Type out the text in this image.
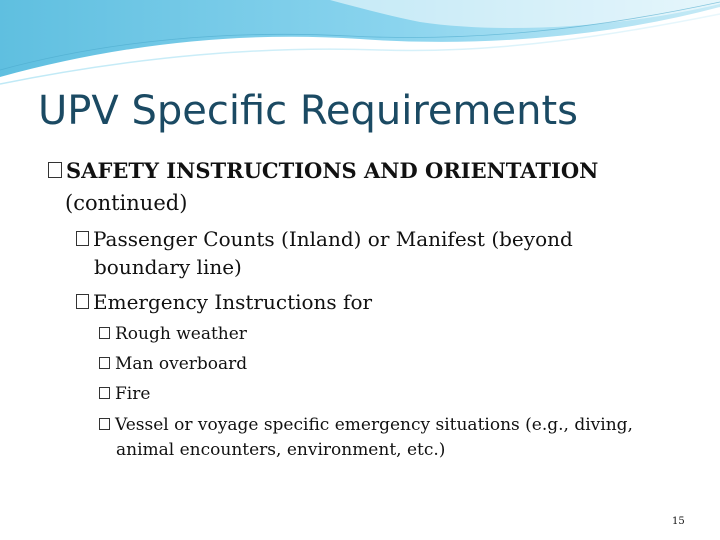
UPV Specific Requirements
SAFETY INSTRUCTIONS AND ORIENTATION
(continued)
Passenger Counts (Inland) or Manifest (beyond
boundary line)
Emergency Instructions for
Rough weather
Man overboard
Fire
Vessel or voyage specific emergency situations (e.g., diving,
animal encounters, environment, etc.)
15
